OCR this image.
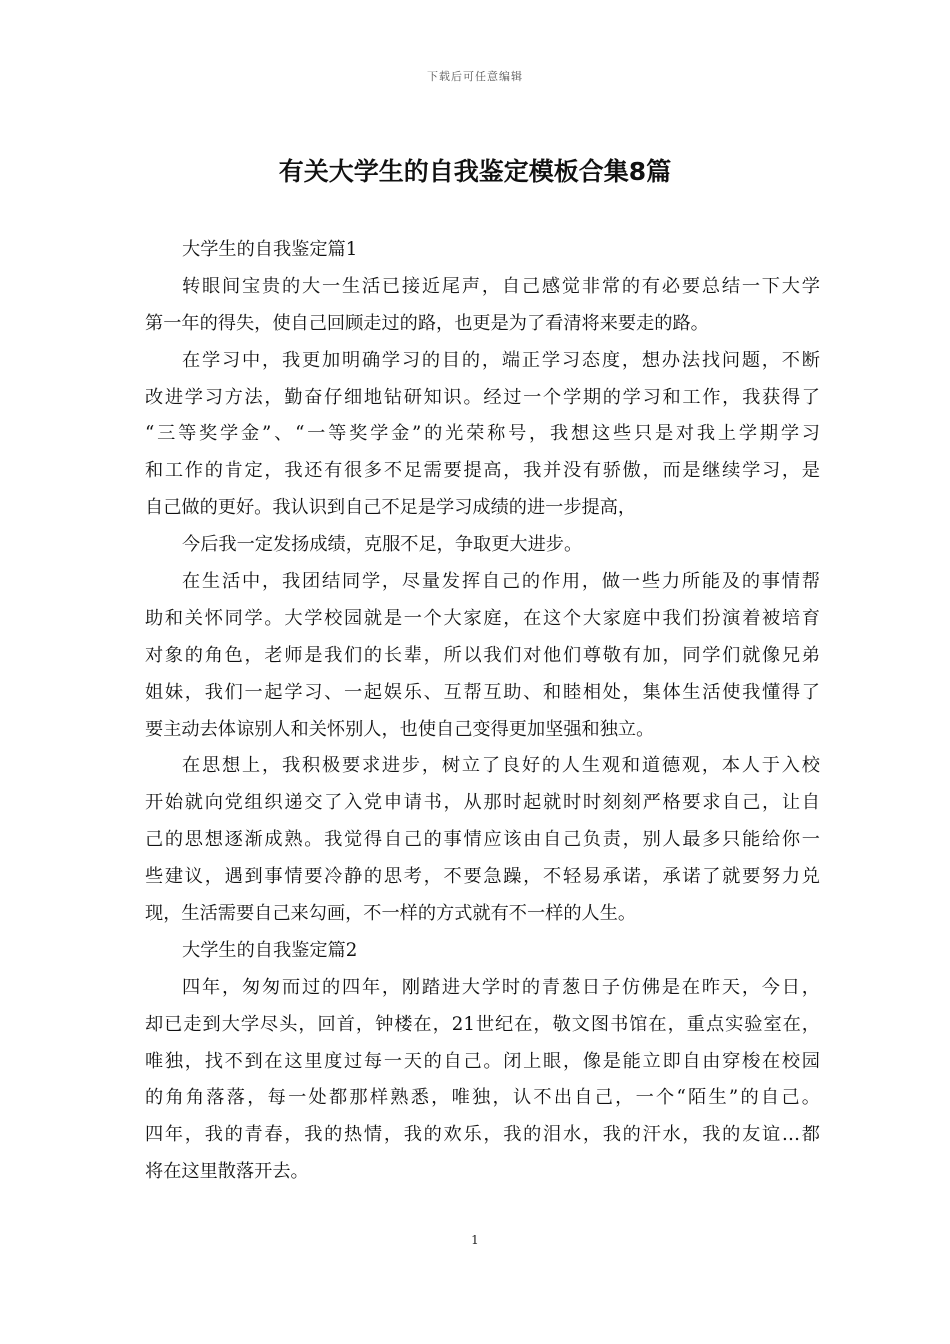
下载后可任意编辑
有关大学生的自我鉴定模板合集8篇
大学生的自我鉴定篇1
转眼间宝贵的大一生活已接近尾声，自己感觉非常的有必要总结一下大学
第一年的得失，使自己回顾走过的路，也更是为了看清将来要走的路。
在学习中，我更加明确学习的目的，端正学习态度，想办法找问题，不断
改进学习方法，勤奋仔细地钻研知识。经过一个学期的学习和工作，我获得了
“三等奖学金”、“一等奖学金”的光荣称号，我想这些只是对我上学期学习
和工作的肯定，我还有很多不足需要提高，我并没有骄傲，而是继续学习，是
自己做的更好。我认识到自己不足是学习成绩的进一步提高，
今后我一定发扬成绩，克服不足，争取更大进步。
在生活中，我团结同学，尽量发挥自己的作用，做一些力所能及的事情帮
助和关怀同学。大学校园就是一个大家庭，在这个大家庭中我们扮演着被培育
对象的角色，老师是我们的长辈，所以我们对他们尊敬有加，同学们就像兄弟
姐妹，我们一起学习、一起娱乐、互帮互助、和睦相处，集体生活使我懂得了
要主动去体谅别人和关怀别人，也使自己变得更加坚强和独立。
在思想上，我积极要求进步，树立了良好的人生观和道德观，本人于入校
开始就向党组织递交了入党申请书，从那时起就时时刻刻严格要求自己，让自
己的思想逐渐成熟。我觉得自己的事情应该由自己负责，别人最多只能给你一
些建议，遇到事情要冷静的思考，不要急躁，不轻易承诺，承诺了就要努力兑
现，生活需要自己来勾画，不一样的方式就有不一样的人生。
大学生的自我鉴定篇2
四年，匆匆而过的四年，刚踏进大学时的青葱日子仿佛是在昨天，今日，
却已走到大学尽头，回首，钟楼在，21世纪在，敬文图书馆在，重点实验室在，
唯独，找不到在这里度过每一天的自己。闭上眼，像是能立即自由穿梭在校园
的角角落落，每一处都那样熟悉，唯独，认不出自己，一个“陌生”的自己。
四年，我的青春，我的热情，我的欢乐，我的泪水，我的汗水，我的友谊…都
将在这里散落开去。
1
